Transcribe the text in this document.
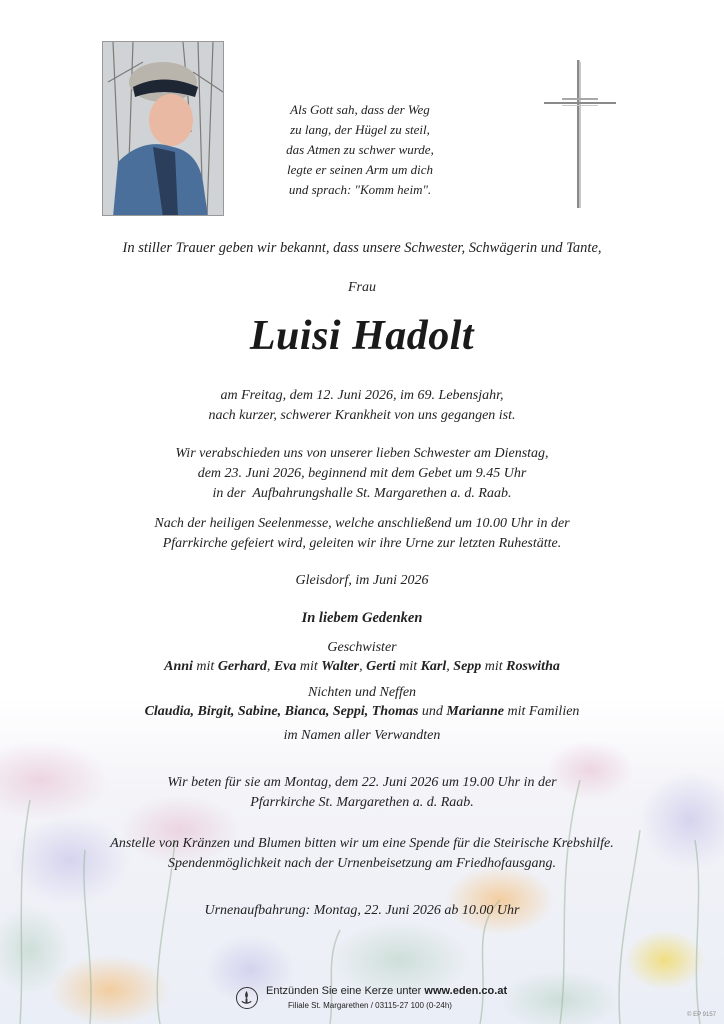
Als Gott sah, dass der Weg
zu lang, der Hügel zu steil,
das Atmen zu schwer wurde,
legte er seinen Arm um dich
und sprach: "Komm heim".
In stiller Trauer geben wir bekannt, dass unsere Schwester, Schwägerin und Tante,
Frau
Luisi Hadolt
am Freitag, dem 12. Juni 2026, im 69. Lebensjahr,
nach kurzer, schwerer Krankheit von uns gegangen ist.
Wir verabschieden uns von unserer lieben Schwester am Dienstag,
dem 23. Juni 2026, beginnend mit dem Gebet um 9.45 Uhr
in der  Aufbahrungshalle St. Margarethen a. d. Raab.
Nach der heiligen Seelenmesse, welche anschließend um 10.00 Uhr in der
Pfarrkirche gefeiert wird, geleiten wir ihre Urne zur letzten Ruhestätte.
Gleisdorf, im Juni 2026
In liebem Gedenken
Geschwister
Anni mit Gerhard, Eva mit Walter, Gerti mit Karl, Sepp mit Roswitha
Nichten und Neffen
Claudia, Birgit, Sabine, Bianca, Seppi, Thomas und Marianne mit Familien
im Namen aller Verwandten
Wir beten für sie am Montag, dem 22. Juni 2026 um 19.00 Uhr in der
Pfarrkirche St. Margarethen a. d. Raab.
Anstelle von Kränzen und Blumen bitten wir um eine Spende für die Steirische Krebshilfe.
Spendenmöglichkeit nach der Urnenbeisetzung am Friedhofausgang.
Urnenaufbahrung: Montag, 22. Juni 2026 ab 10.00 Uhr
Entzünden Sie eine Kerze unter www.eden.co.at
Filiale St. Margarethen / 03115-27 100 (0-24h)
© EP 9157
